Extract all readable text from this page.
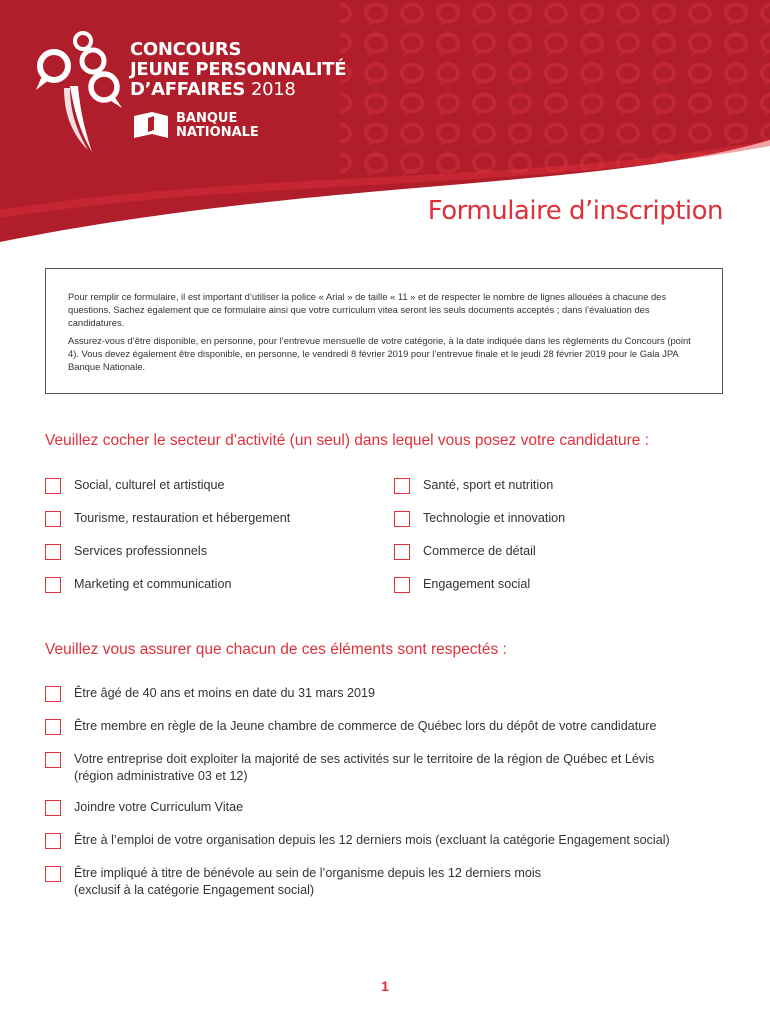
CONCOURS
JEUNE PERSONNALITÉ
D’AFFAIRES 2018
BANQUE
NATIONALE
Formulaire d’inscription

Pour remplir ce formulaire, il est important d’utiliser la police « Arial » de taille « 11 » et de respecter le nombre de lignes allouées à chacune des questions. Sachez également que ce formulaire ainsi que votre curriculum vitea seront les seuls documents acceptés ; dans l’évaluation des candidatures.

Assurez-vous d’être disponible, en personne, pour l’entrevue mensuelle de votre catégorie, à la date indiquée dans les règlements du Concours (point 4). Vous devez également être disponible, en personne, le vendredi 8 février 2019 pour l’entrevue finale et le jeudi 28 février 2019 pour le Gala JPA Banque Nationale.

Veuillez cocher le secteur d’activité (un seul) dans lequel vous posez votre candidature :
Social, culturel et artistique	Santé, sport et nutrition
Tourisme, restauration et hébergement	Technologie et innovation
Services professionnels	Commerce de détail
Marketing et communication	Engagement social
Veuillez vous assurer que chacun de ces éléments sont respectés :
Être âgé de 40 ans et moins en date du 31 mars 2019
Être membre en règle de la Jeune chambre de commerce de Québec lors du dépôt de votre candidature
Votre entreprise doit exploiter la majorité de ses activités sur le territoire de la région de Québec et Lévis
(région administrative 03 et 12)
Joindre votre Curriculum Vitae
Être à l’emploi de votre organisation depuis les 12 derniers mois (excluant la catégorie Engagement social)
Être impliqué à titre de bénévole au sein de l’organisme depuis les 12 derniers mois
(exclusif à la catégorie Engagement social)
1
